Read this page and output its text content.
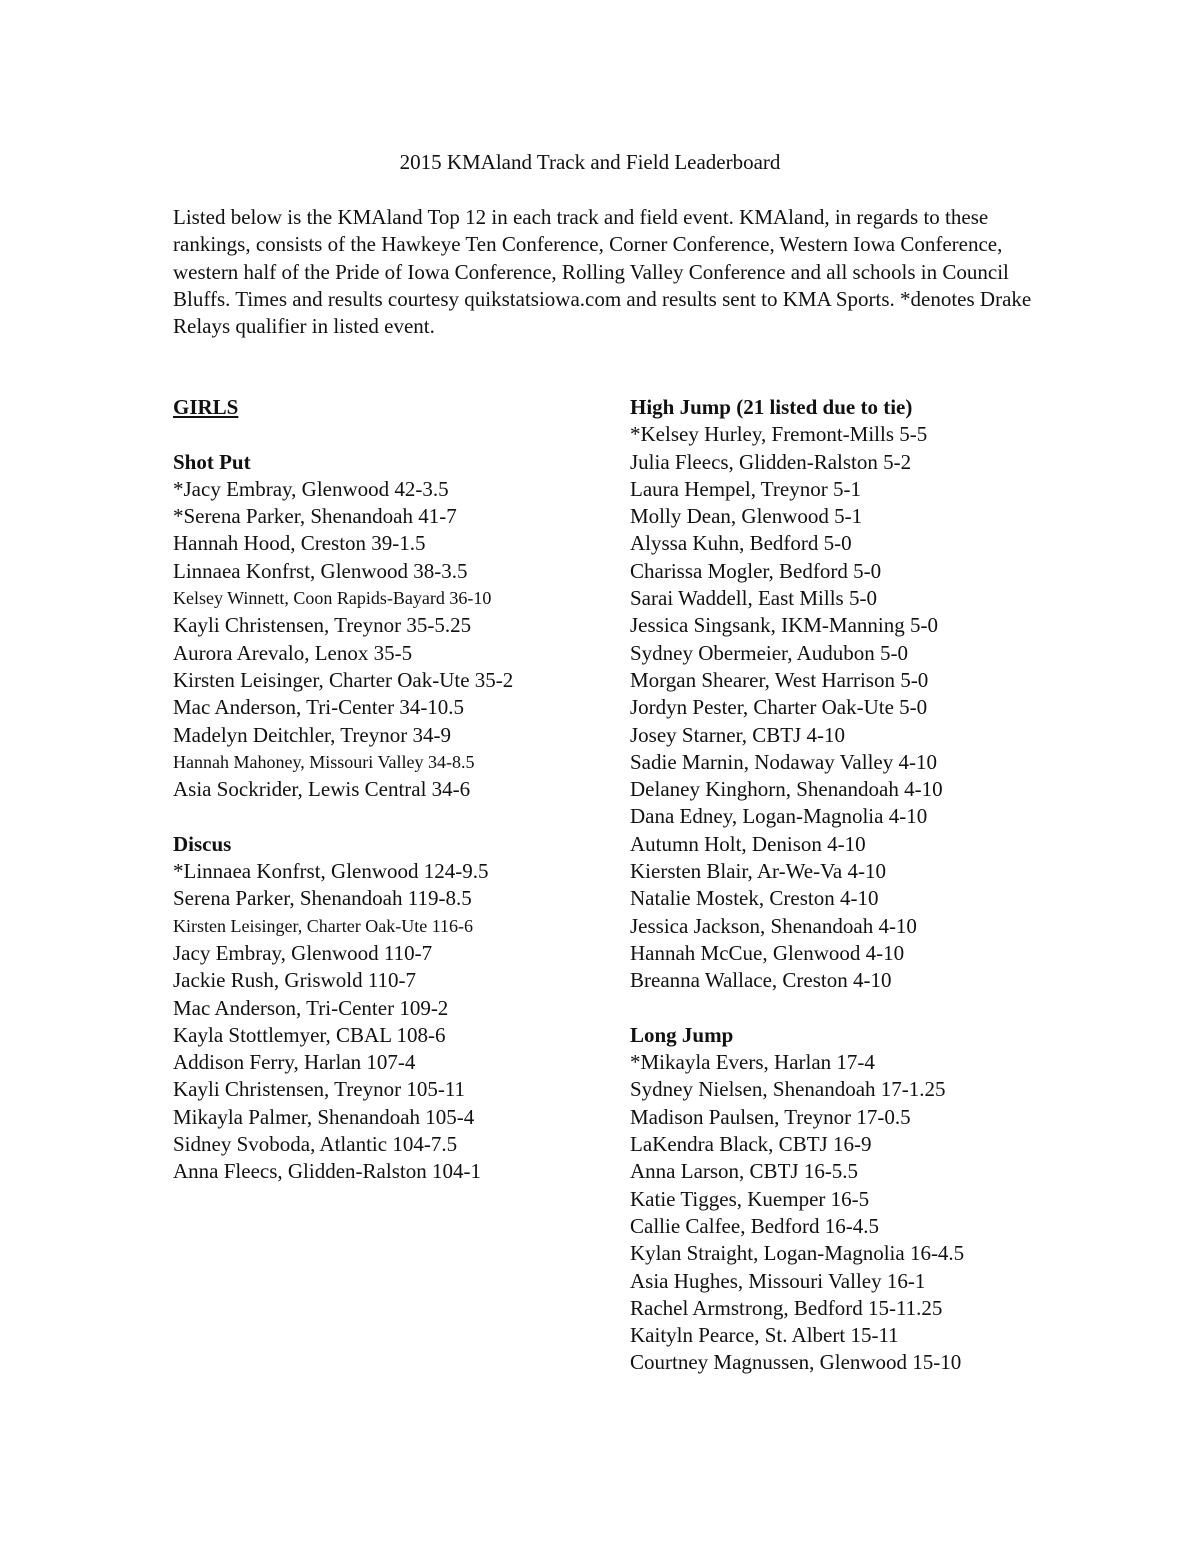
2015 KMAland Track and Field Leaderboard
Listed below is the KMAland Top 12 in each track and field event. KMAland, in regards to these rankings, consists of the Hawkeye Ten Conference, Corner Conference, Western Iowa Conference, western half of the Pride of Iowa Conference, Rolling Valley Conference and all schools in Council Bluffs. Times and results courtesy quikstatsiowa.com and results sent to KMA Sports. *denotes Drake Relays qualifier in listed event.
GIRLS
Shot Put
*Jacy Embray, Glenwood 42-3.5
*Serena Parker, Shenandoah 41-7
Hannah Hood, Creston 39-1.5
Linnaea Konfrst, Glenwood 38-3.5
Kelsey Winnett, Coon Rapids-Bayard 36-10
Kayli Christensen, Treynor 35-5.25
Aurora Arevalo, Lenox 35-5
Kirsten Leisinger, Charter Oak-Ute 35-2
Mac Anderson, Tri-Center 34-10.5
Madelyn Deitchler, Treynor 34-9
Hannah Mahoney, Missouri Valley 34-8.5
Asia Sockrider, Lewis Central 34-6
Discus
*Linnaea Konfrst, Glenwood 124-9.5
Serena Parker, Shenandoah 119-8.5
Kirsten Leisinger, Charter Oak-Ute 116-6
Jacy Embray, Glenwood 110-7
Jackie Rush, Griswold 110-7
Mac Anderson, Tri-Center 109-2
Kayla Stottlemyer, CBAL 108-6
Addison Ferry, Harlan 107-4
Kayli Christensen, Treynor 105-11
Mikayla Palmer, Shenandoah 105-4
Sidney Svoboda, Atlantic 104-7.5
Anna Fleecs, Glidden-Ralston 104-1
High Jump (21 listed due to tie)
*Kelsey Hurley, Fremont-Mills 5-5
Julia Fleecs, Glidden-Ralston 5-2
Laura Hempel, Treynor 5-1
Molly Dean, Glenwood 5-1
Alyssa Kuhn, Bedford 5-0
Charissa Mogler, Bedford 5-0
Sarai Waddell, East Mills 5-0
Jessica Singsank, IKM-Manning 5-0
Sydney Obermeier, Audubon 5-0
Morgan Shearer, West Harrison 5-0
Jordyn Pester, Charter Oak-Ute 5-0
Josey Starner, CBTJ 4-10
Sadie Marnin, Nodaway Valley 4-10
Delaney Kinghorn, Shenandoah 4-10
Dana Edney, Logan-Magnolia 4-10
Autumn Holt, Denison 4-10
Kiersten Blair, Ar-We-Va 4-10
Natalie Mostek, Creston 4-10
Jessica Jackson, Shenandoah 4-10
Hannah McCue, Glenwood 4-10
Breanna Wallace, Creston 4-10
Long Jump
*Mikayla Evers, Harlan 17-4
Sydney Nielsen, Shenandoah 17-1.25
Madison Paulsen, Treynor 17-0.5
LaKendra Black, CBTJ 16-9
Anna Larson, CBTJ 16-5.5
Katie Tigges, Kuemper 16-5
Callie Calfee, Bedford 16-4.5
Kylan Straight, Logan-Magnolia 16-4.5
Asia Hughes, Missouri Valley 16-1
Rachel Armstrong, Bedford 15-11.25
Kaityln Pearce, St. Albert 15-11
Courtney Magnussen, Glenwood 15-10
